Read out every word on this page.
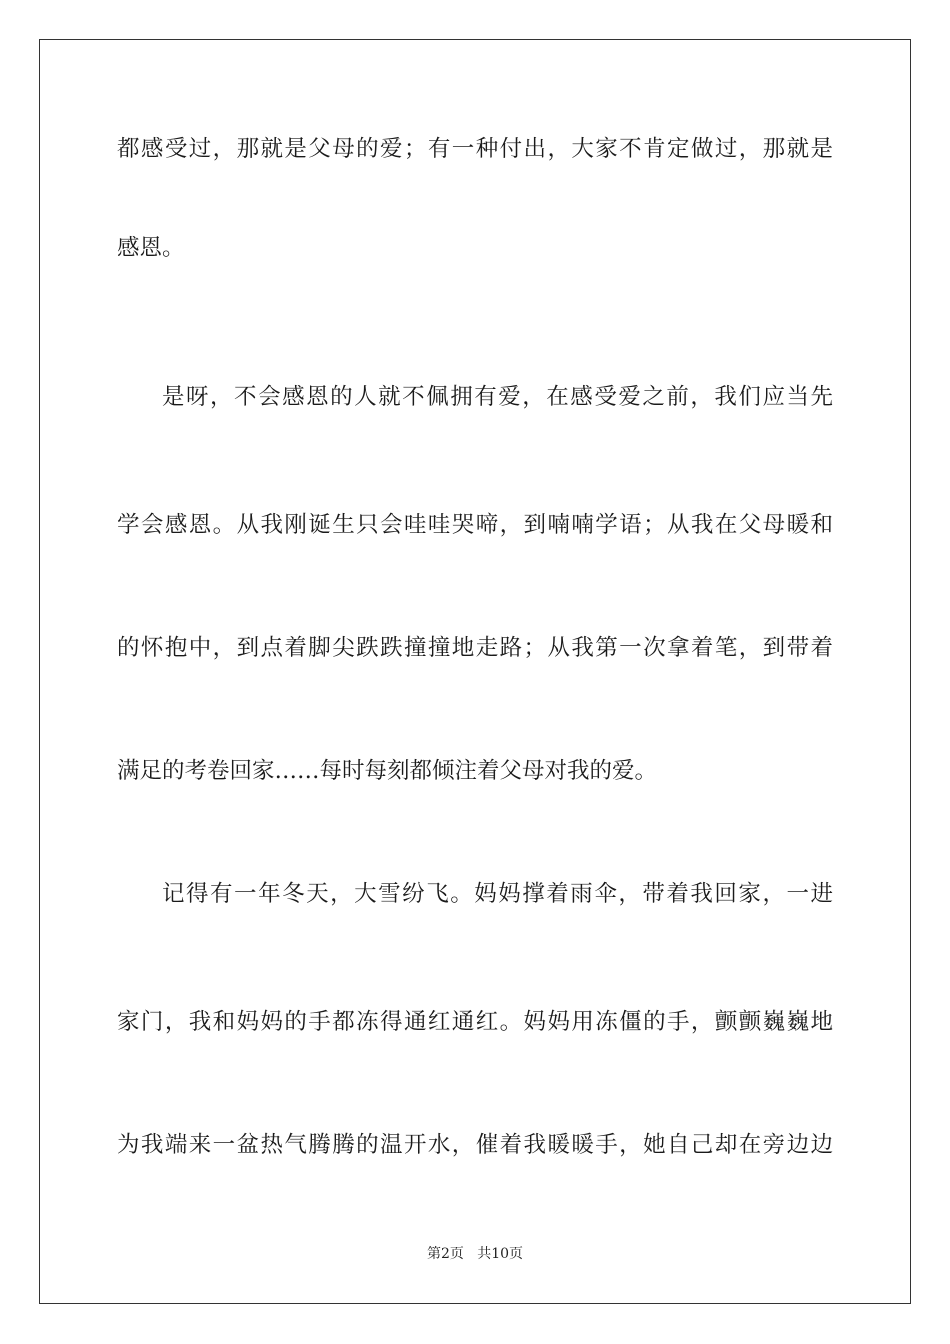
都感受过，那就是父母的爱；有一种付出，大家不肯定做过，那就是
感恩。
是呀，不会感恩的人就不佩拥有爱，在感受爱之前，我们应当先
学会感恩。从我刚诞生只会哇哇哭啼，到喃喃学语；从我在父母暖和
的怀抱中，到点着脚尖跌跌撞撞地走路；从我第一次拿着笔，到带着
满足的考卷回家……每时每刻都倾注着父母对我的爱。
记得有一年冬天，大雪纷飞。妈妈撑着雨伞，带着我回家，一进
家门，我和妈妈的手都冻得通红通红。妈妈用冻僵的手，颤颤巍巍地
为我端来一盆热气腾腾的温开水，催着我暖暖手，她自己却在旁边边
第2页   共10页
